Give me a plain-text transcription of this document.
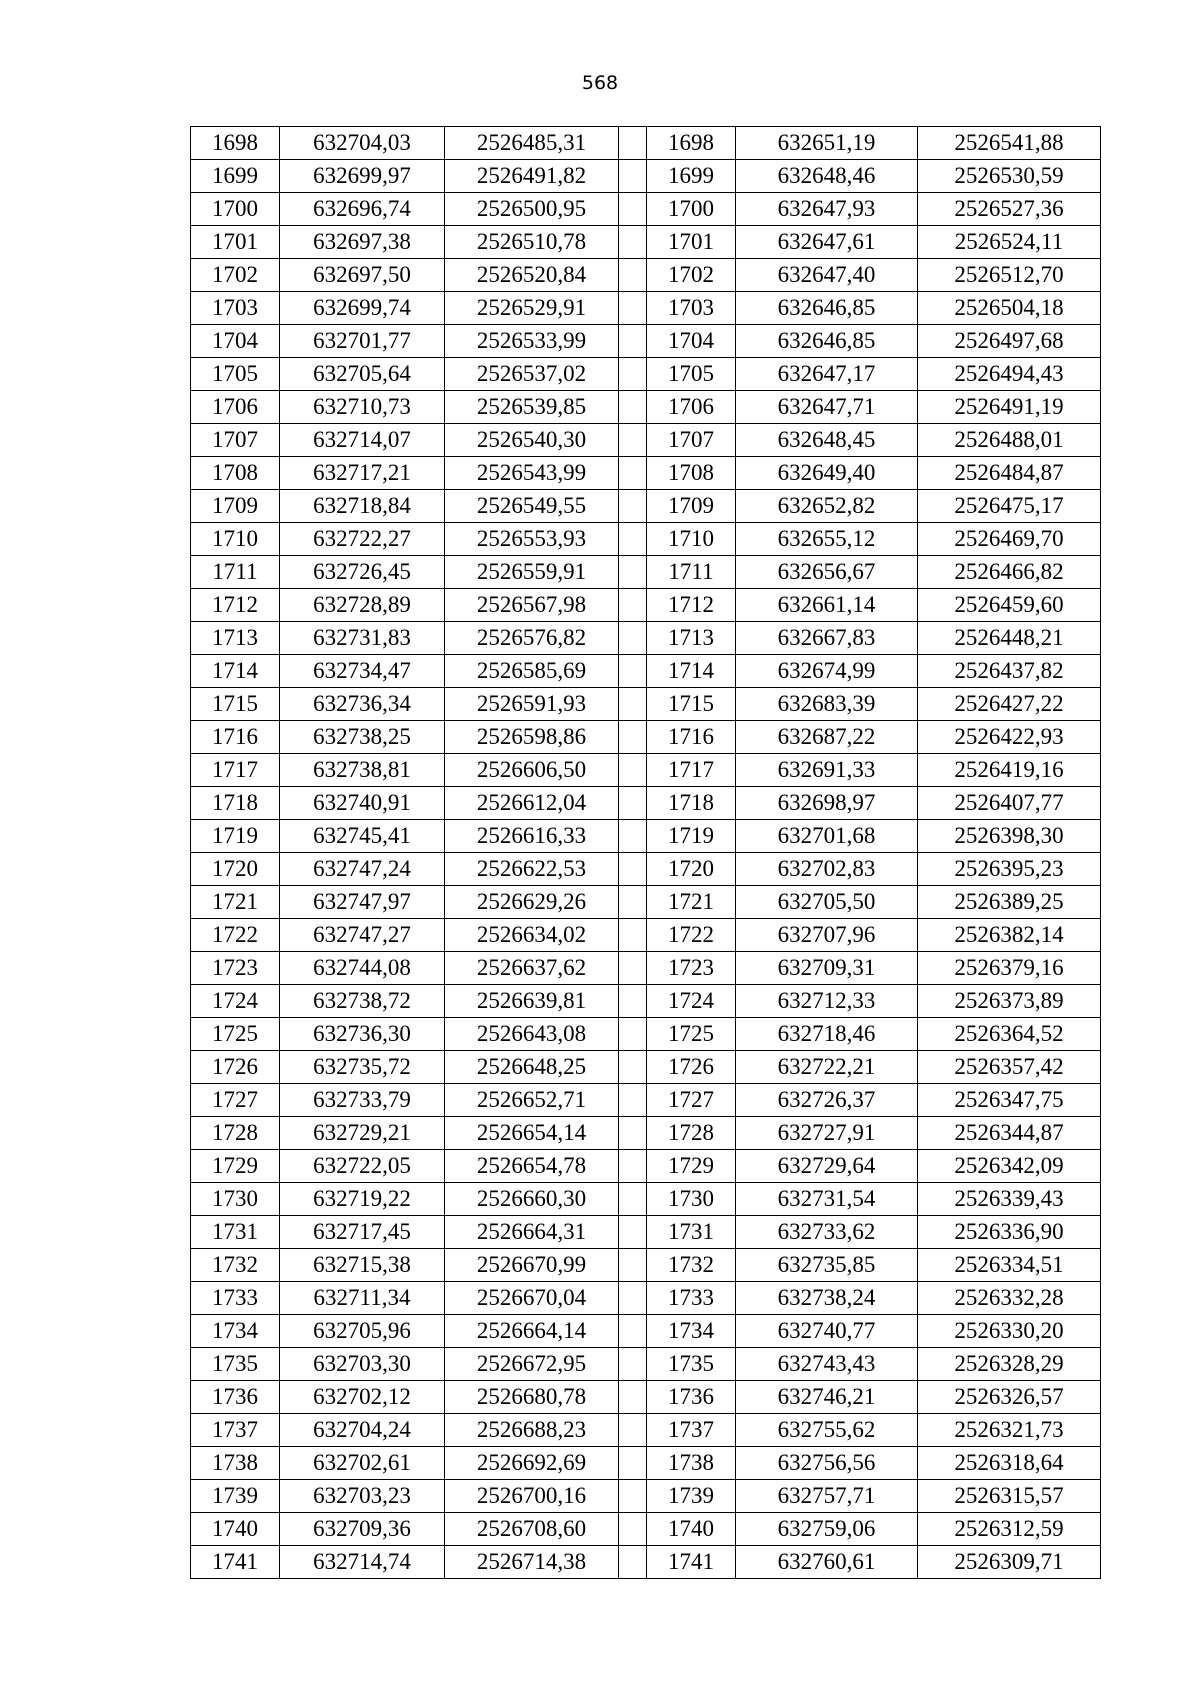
568
1698	632704,03	2526485,31		1698	632651,19	2526541,88
1699	632699,97	2526491,82		1699	632648,46	2526530,59
1700	632696,74	2526500,95		1700	632647,93	2526527,36
1701	632697,38	2526510,78		1701	632647,61	2526524,11
1702	632697,50	2526520,84		1702	632647,40	2526512,70
1703	632699,74	2526529,91		1703	632646,85	2526504,18
1704	632701,77	2526533,99		1704	632646,85	2526497,68
1705	632705,64	2526537,02		1705	632647,17	2526494,43
1706	632710,73	2526539,85		1706	632647,71	2526491,19
1707	632714,07	2526540,30		1707	632648,45	2526488,01
1708	632717,21	2526543,99		1708	632649,40	2526484,87
1709	632718,84	2526549,55		1709	632652,82	2526475,17
1710	632722,27	2526553,93		1710	632655,12	2526469,70
1711	632726,45	2526559,91		1711	632656,67	2526466,82
1712	632728,89	2526567,98		1712	632661,14	2526459,60
1713	632731,83	2526576,82		1713	632667,83	2526448,21
1714	632734,47	2526585,69		1714	632674,99	2526437,82
1715	632736,34	2526591,93		1715	632683,39	2526427,22
1716	632738,25	2526598,86		1716	632687,22	2526422,93
1717	632738,81	2526606,50		1717	632691,33	2526419,16
1718	632740,91	2526612,04		1718	632698,97	2526407,77
1719	632745,41	2526616,33		1719	632701,68	2526398,30
1720	632747,24	2526622,53		1720	632702,83	2526395,23
1721	632747,97	2526629,26		1721	632705,50	2526389,25
1722	632747,27	2526634,02		1722	632707,96	2526382,14
1723	632744,08	2526637,62		1723	632709,31	2526379,16
1724	632738,72	2526639,81		1724	632712,33	2526373,89
1725	632736,30	2526643,08		1725	632718,46	2526364,52
1726	632735,72	2526648,25		1726	632722,21	2526357,42
1727	632733,79	2526652,71		1727	632726,37	2526347,75
1728	632729,21	2526654,14		1728	632727,91	2526344,87
1729	632722,05	2526654,78		1729	632729,64	2526342,09
1730	632719,22	2526660,30		1730	632731,54	2526339,43
1731	632717,45	2526664,31		1731	632733,62	2526336,90
1732	632715,38	2526670,99		1732	632735,85	2526334,51
1733	632711,34	2526670,04		1733	632738,24	2526332,28
1734	632705,96	2526664,14		1734	632740,77	2526330,20
1735	632703,30	2526672,95		1735	632743,43	2526328,29
1736	632702,12	2526680,78		1736	632746,21	2526326,57
1737	632704,24	2526688,23		1737	632755,62	2526321,73
1738	632702,61	2526692,69		1738	632756,56	2526318,64
1739	632703,23	2526700,16		1739	632757,71	2526315,57
1740	632709,36	2526708,60		1740	632759,06	2526312,59
1741	632714,74	2526714,38		1741	632760,61	2526309,71
